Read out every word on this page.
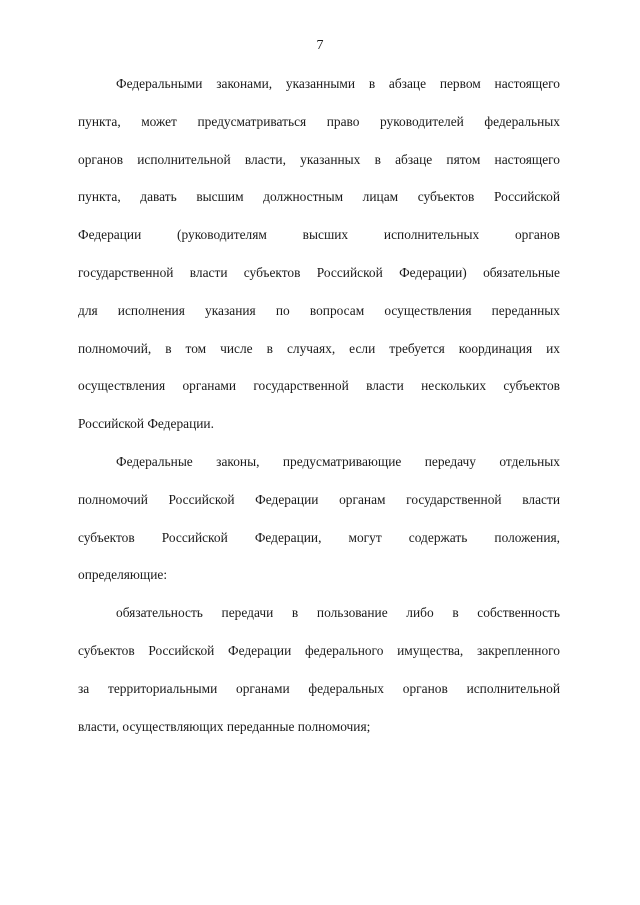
7
Федеральными законами, указанными в абзаце первом настоящего
пункта, может предусматриваться право руководителей федеральных
органов исполнительной власти, указанных в абзаце пятом настоящего
пункта, давать высшим должностным лицам субъектов Российской
Федерации (руководителям высших исполнительных органов
государственной власти субъектов Российской Федерации) обязательные
для исполнения указания по вопросам осуществления переданных
полномочий, в том числе в случаях, если требуется координация их
осуществления органами государственной власти нескольких субъектов
Российской Федерации.
Федеральные законы, предусматривающие передачу отдельных
полномочий Российской Федерации органам государственной власти
субъектов Российской Федерации, могут содержать положения,
определяющие:
обязательность передачи в пользование либо в собственность
субъектов Российской Федерации федерального имущества, закрепленного
за территориальными органами федеральных органов исполнительной
власти, осуществляющих переданные полномочия;
